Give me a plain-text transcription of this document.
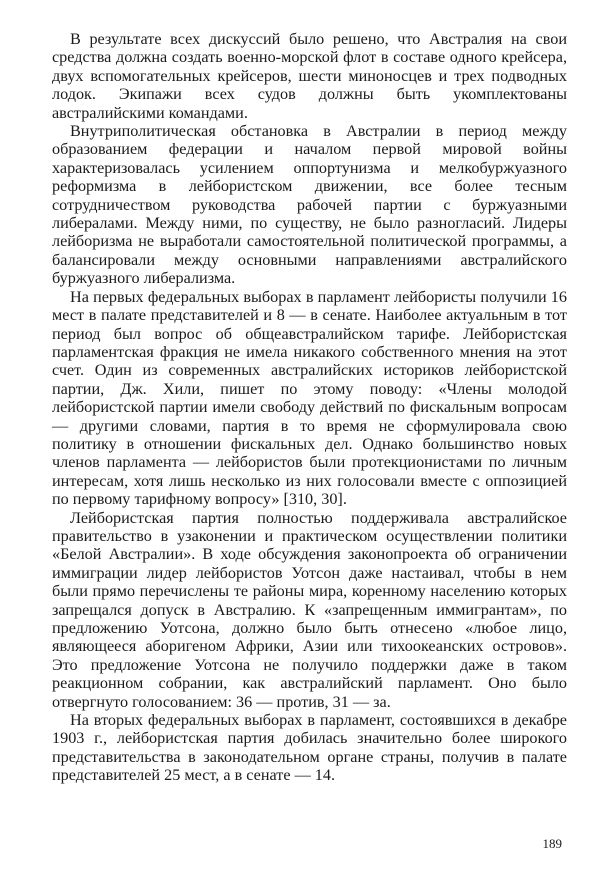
В результате всех дискуссий было решено, что Австралия на свои средства должна создать военно-морской флот в составе одного крейсера, двух вспомогательных крейсеров, шести миноносцев и трех подводных лодок. Экипажи всех судов должны быть укомплектованы австралийскими командами.

Внутриполитическая обстановка в Австралии в период между образованием федерации и началом первой мировой войны характеризовалась усилением оппортунизма и мелкобуржуазного реформизма в лейбористском движении, все более тесным сотрудничеством руководства рабочей партии с буржуазными либералами. Между ними, по существу, не было разногласий. Лидеры лейборизма не выработали самостоятельной политической программы, а балансировали между основными направлениями австралийского буржуазного либерализма.

На первых федеральных выборах в парламент лейбористы получили 16 мест в палате представителей и 8 — в сенате. Наиболее актуальным в тот период был вопрос об общеавстралийском тарифе. Лейбористская парламентская фракция не имела никакого собственного мнения на этот счет. Один из современных австралийских историков лейбористской партии, Дж. Хили, пишет по этому поводу: «Члены молодой лейбористской партии имели свободу действий по фискальным вопросам — другими словами, партия в то время не сформулировала свою политику в отношении фискальных дел. Однако большинство новых членов парламента — лейбористов были протекционистами по личным интересам, хотя лишь несколько из них голосовали вместе с оппозицией по первому тарифному вопросу» [310, 30].

Лейбористская партия полностью поддерживала австралийское правительство в узаконении и практическом осуществлении политики «Белой Австралии». В ходе обсуждения законопроекта об ограничении иммиграции лидер лейбористов Уотсон даже настаивал, чтобы в нем были прямо перечислены те районы мира, коренному населению которых запрещался допуск в Австралию. К «запрещенным иммигрантам», по предложению Уотсона, должно было быть отнесено «любое лицо, являющееся аборигеном Африки, Азии или тихоокеанских островов». Это предложение Уотсона не получило поддержки даже в таком реакционном собрании, как австралийский парламент. Оно было отвергнуто голосованием: 36 — против, 31 — за.

На вторых федеральных выборах в парламент, состоявшихся в декабре 1903 г., лейбористская партия добилась значительно более широкого представительства в законодательном органе страны, получив в палате представителей 25 мест, а в сенате — 14.

189
